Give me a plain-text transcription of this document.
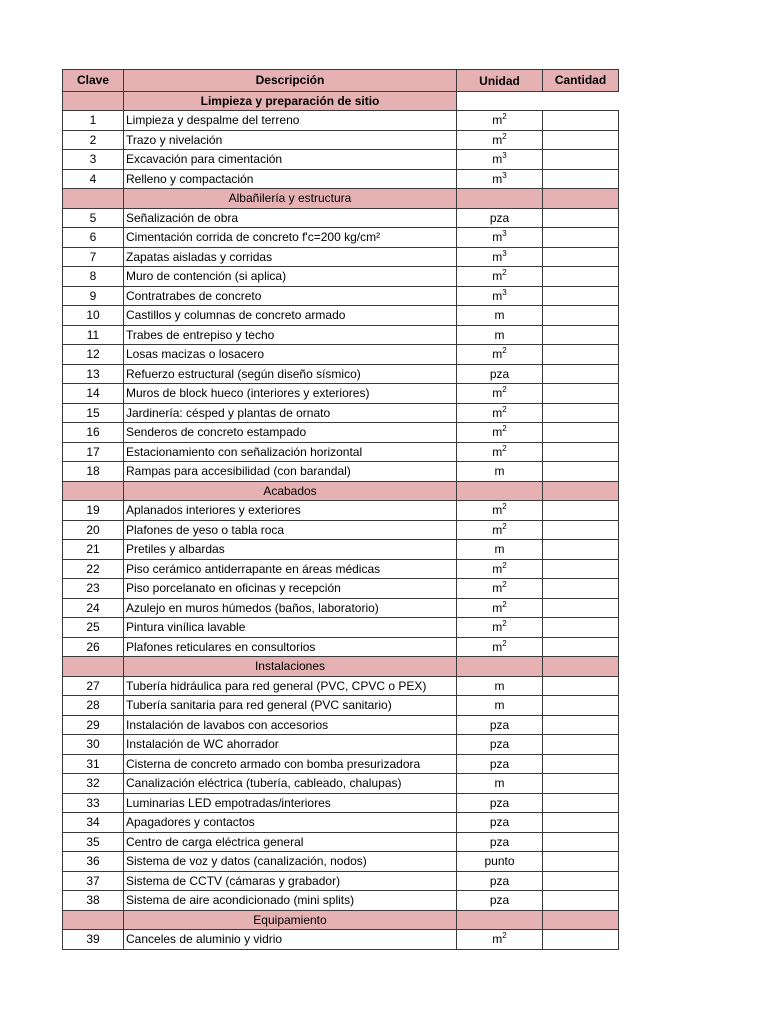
Clave	Descripción	Unidad	Cantidad
	Limpieza y preparación de sitio		
1	Limpieza y despalme del terreno	$m^2$	
2	Trazo y nivelación	$m^2$	
3	Excavación para cimentación	$m^3$	
4	Relleno y compactación	$m^3$	
	Albañilería y estructura		
5	Señalización de obra	pza	
6	Cimentación corrida de concreto f'c=200 kg/cm²	$m^3$	
7	Zapatas aisladas y corridas	$m^3$	
8	Muro de contención (si aplica)	$m^2$	
9	Contratrabes de concreto	$m^3$	
10	Castillos y columnas de concreto armado	m	
11	Trabes de entrepiso y techo	m	
12	Losas macizas o losacero	$m^2$	
13	Refuerzo estructural (según diseño sísmico)	pza	
14	Muros de block hueco (interiores y exteriores)	$m^2$	
15	Jardinería: césped y plantas de ornato	$m^2$	
16	Senderos de concreto estampado	$m^2$	
17	Estacionamiento con señalización horizontal	$m^2$	
18	Rampas para accesibilidad (con barandal)	m	
	Acabados		
19	Aplanados interiores y exteriores	$m^2$	
20	Plafones de yeso o tabla roca	$m^2$	
21	Pretiles y albardas	m	
22	Piso cerámico antiderrapante en áreas médicas	$m^2$	
23	Piso porcelanato en oficinas y recepción	$m^2$	
24	Azulejo en muros húmedos (baños, laboratorio)	$m^2$	
25	Pintura vinílica lavable	$m^2$	
26	Plafones reticulares en consultorios	$m^2$	
	Instalaciones		
27	Tubería hidráulica para red general (PVC, CPVC o PEX)	m	
28	Tubería sanitaria para red general (PVC sanitario)	m	
29	Instalación de lavabos con accesorios	pza	
30	Instalación de WC ahorrador	pza	
31	Cisterna de concreto armado con bomba presurizadora	pza	
32	Canalización eléctrica (tubería, cableado, chalupas)	m	
33	Luminarias LED empotradas/interiores	pza	
34	Apagadores y contactos	pza	
35	Centro de carga eléctrica general	pza	
36	Sistema de voz y datos (canalización, nodos)	punto	
37	Sistema de CCTV (cámaras y grabador)	pza	
38	Sistema de aire acondicionado (mini splits)	pza	
	Equipamiento		
39	Canceles de aluminio y vidrio	$m^2$	
